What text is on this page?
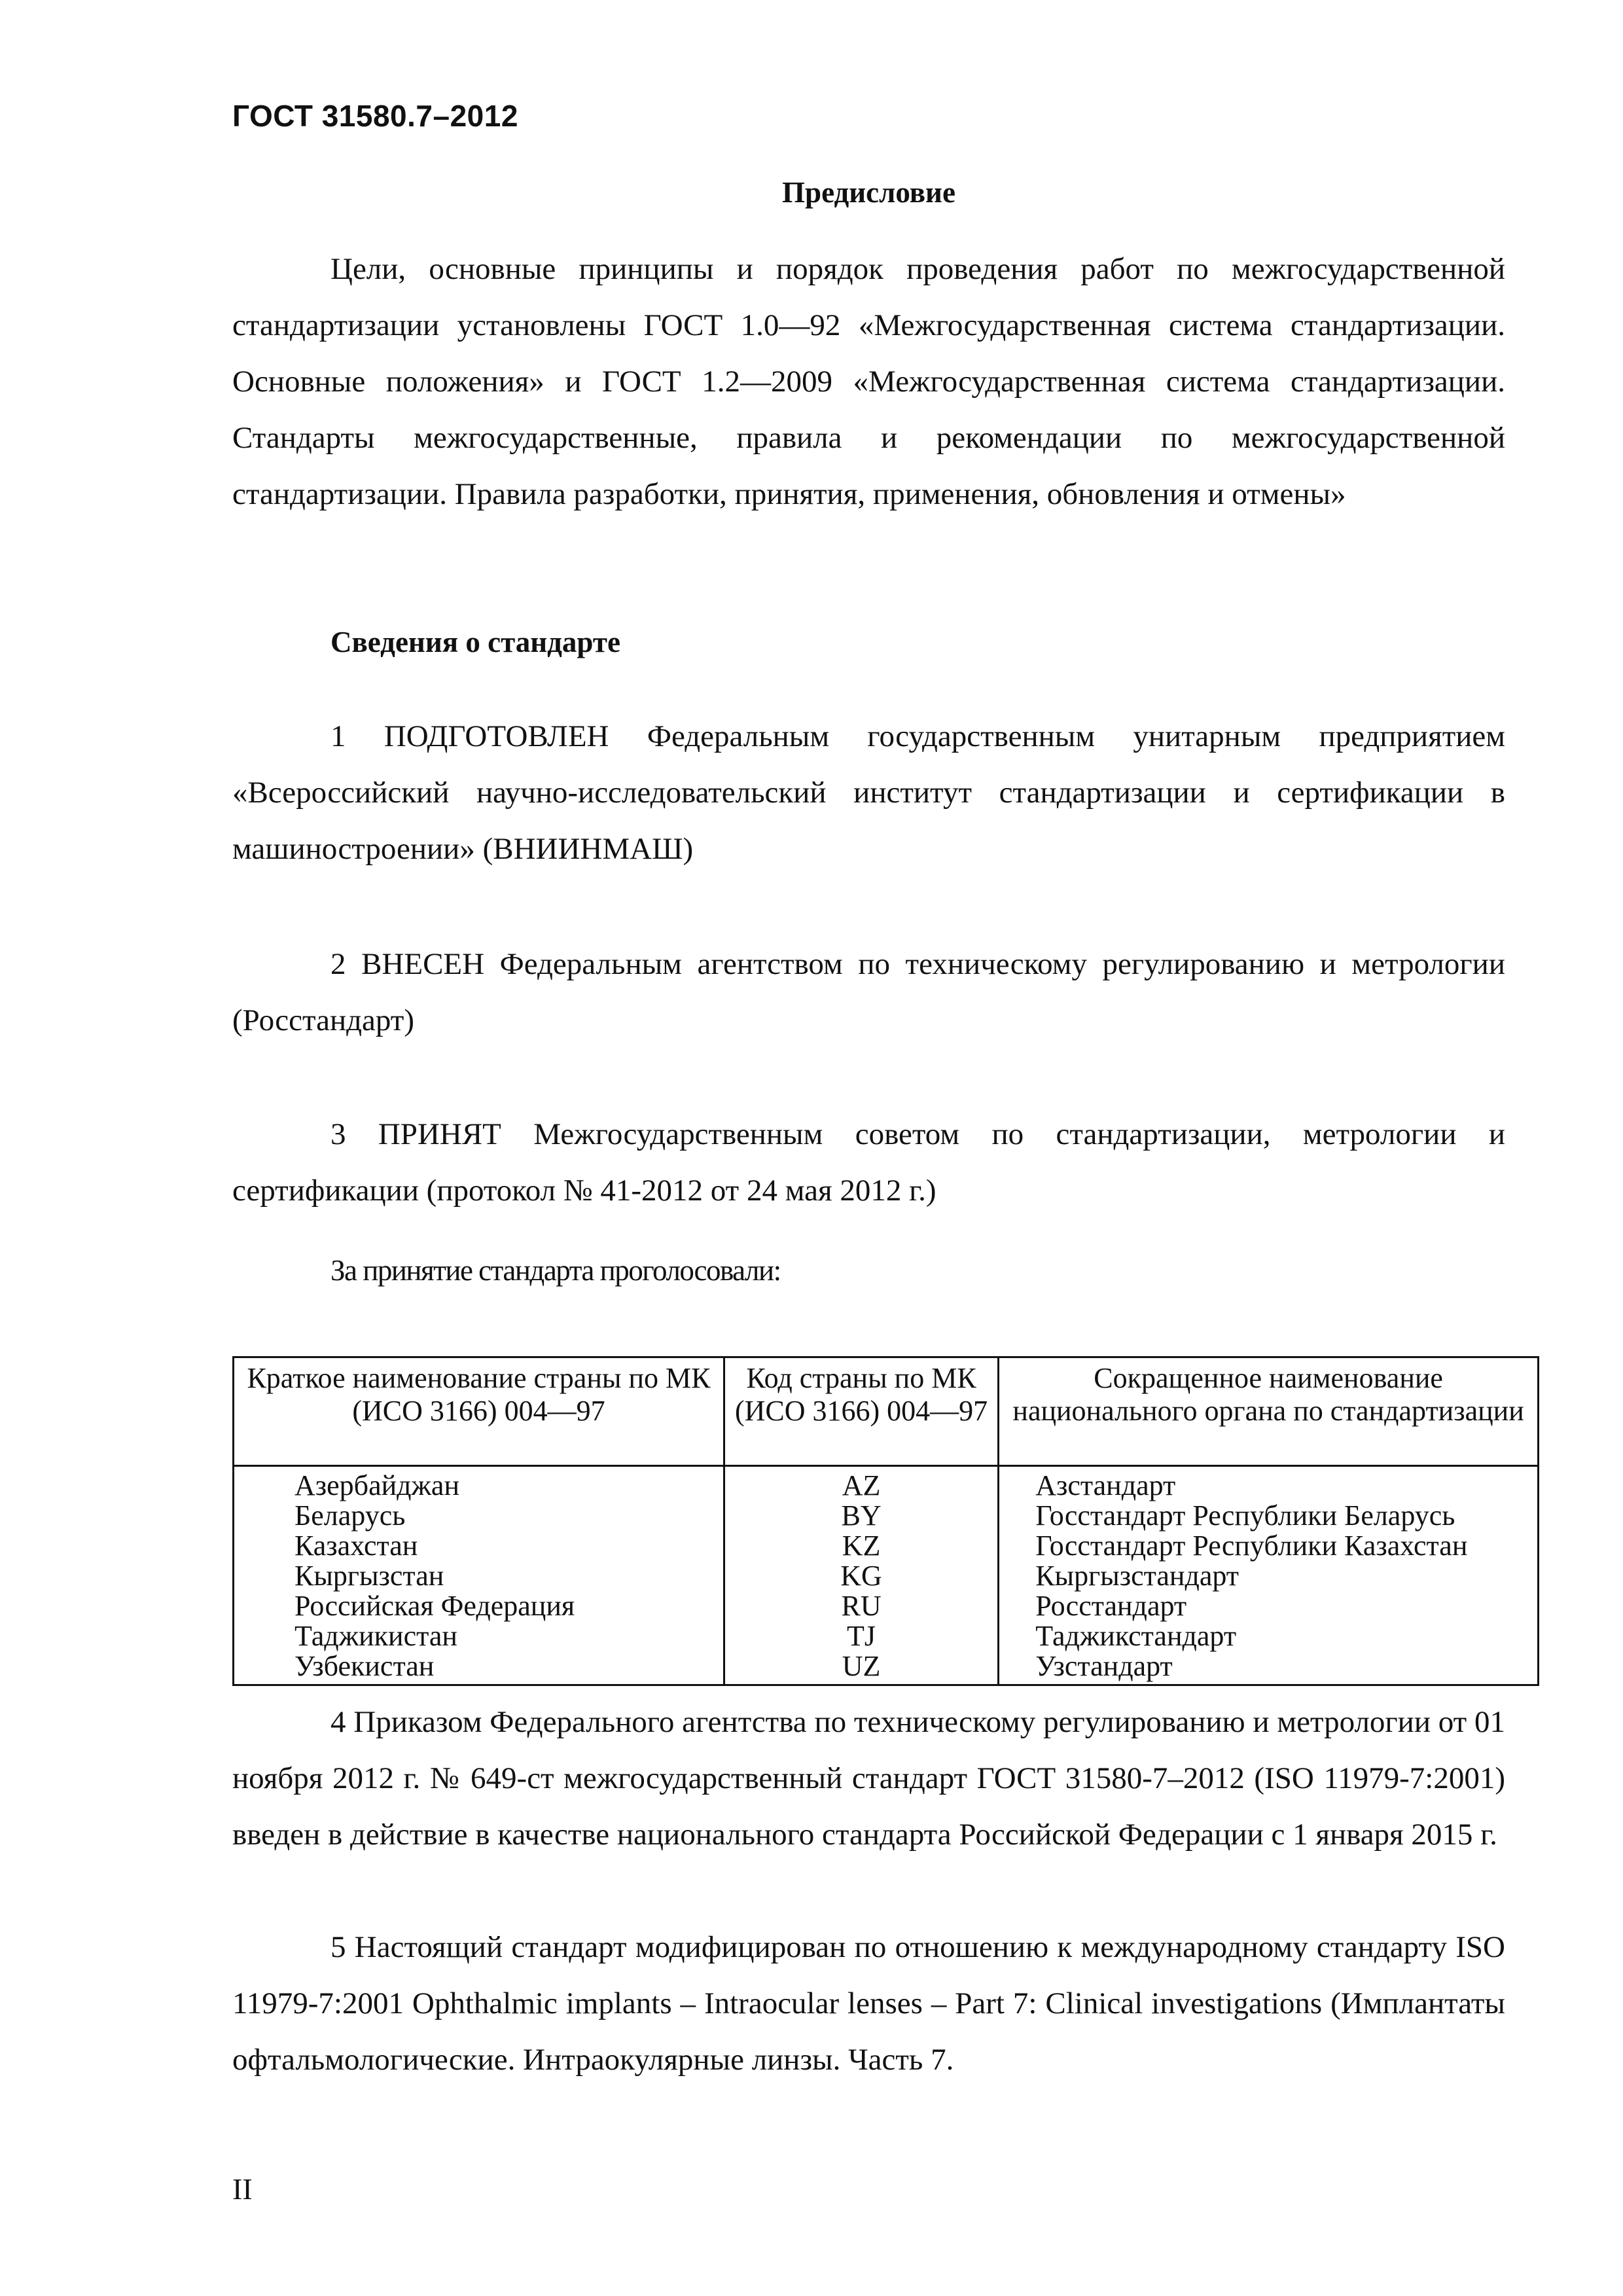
ГОСТ 31580.7–2012
Предисловие

Цели, основные принципы и порядок проведения работ по межгосударственной стандартизации установлены ГОСТ 1.0—92 «Межгосударственная система стандартизации. Основные положения» и ГОСТ 1.2—2009 «Межгосударственная система стандартизации. Стандарты межгосударственные, правила и рекомендации по межгосударственной стандартизации. Правила разработки, принятия, применения, обновления и отмены»

Сведения о стандарте

1 ПОДГОТОВЛЕН Федеральным государственным унитарным предприятием «Всероссийский научно-исследовательский институт стандартизации и сертификации в машиностроении» (ВНИИНМАШ)

2 ВНЕСЕН Федеральным агентством по техническому регулированию и метрологии (Росстандарт)

3 ПРИНЯТ Межгосударственным советом по стандартизации, метрологии и сертификации (протокол № 41-2012 от 24 мая 2012 г.)

За принятие стандарта проголосовали:
Краткое наименование страны по МК (ИСО 3166) 004—97	Код страны по МК (ИСО 3166) 004—97	Сокращенное наименование национального органа по стандартизации
Азербайджан	AZ	Азстандарт
Беларусь	BY	Госстандарт Республики Беларусь
Казахстан	KZ	Госстандарт Республики Казахстан
Кыргызстан	KG	Кыргызстандарт
Российская Федерация	RU	Росстандарт
Таджикистан	TJ	Таджикстандарт
Узбекистан	UZ	Узстандарт

4 Приказом Федерального агентства по техническому регулированию и метрологии от 01 ноября 2012 г. № 649-ст межгосударственный стандарт ГОСТ 31580-7–2012 (ISO 11979-7:2001) введен в действие в качестве национального стандарта Российской Федерации с 1 января 2015 г.

5 Настоящий стандарт модифицирован по отношению к международному стандарту ISO 11979-7:2001 Ophthalmic implants – Intraocular lenses – Part 7: Clinical investigations (Имплантаты офтальмологические. Интраокулярные линзы. Часть 7.

II
